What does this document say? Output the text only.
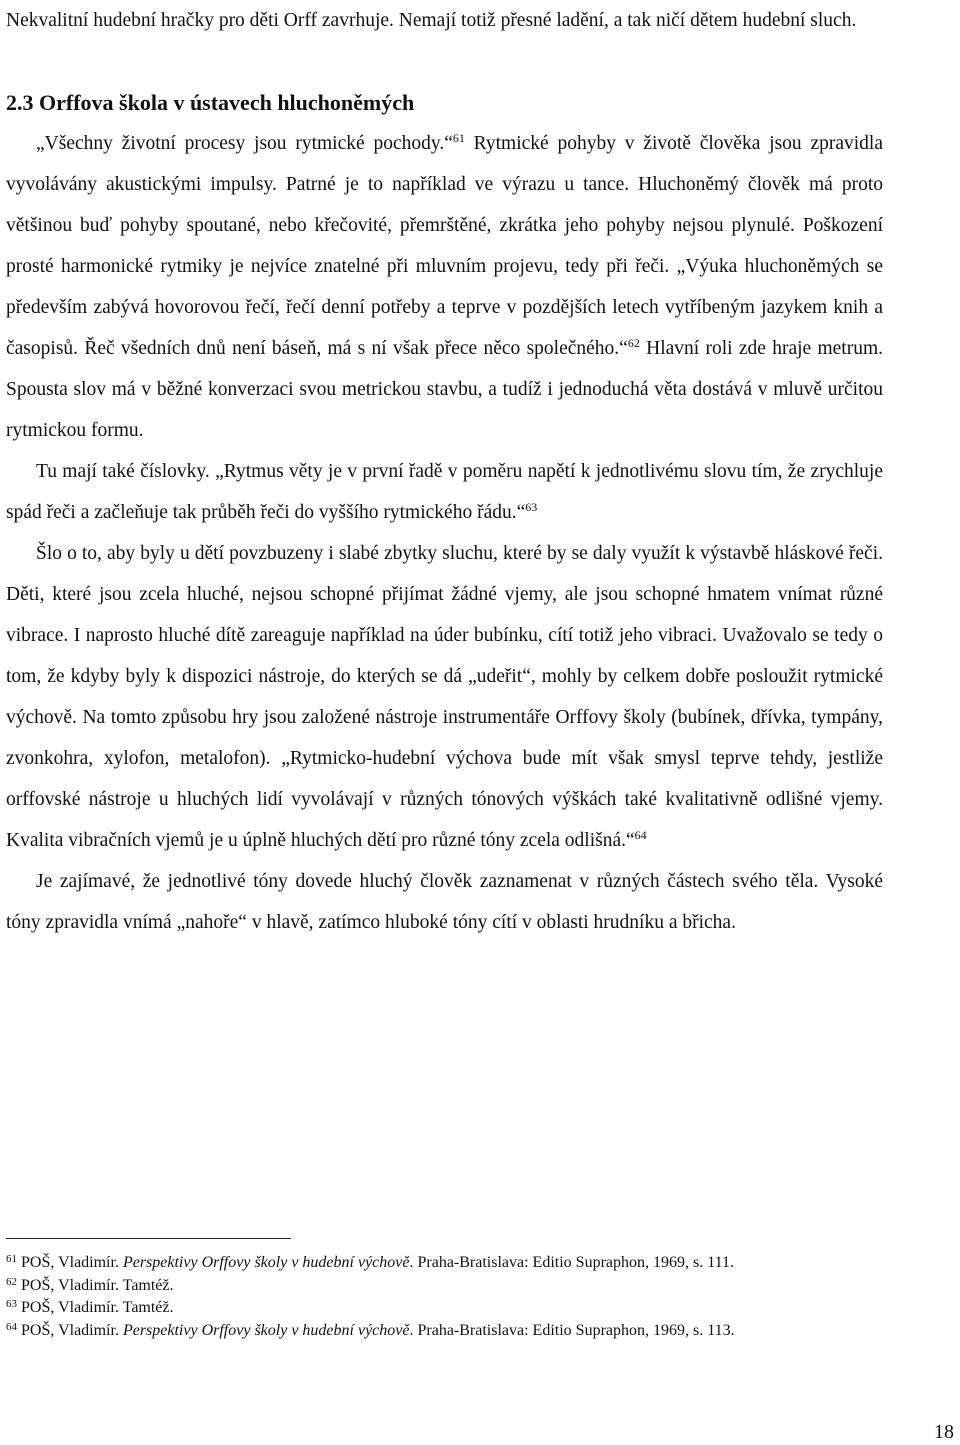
Nekvalitní hudební hračky pro děti Orff zavrhuje. Nemají totiž přesné ladění, a tak ničí dětem hudební sluch.

2.3 Orffova škola v ústavech hluchoněmých

„Všechny životní procesy jsou rytmické pochody.“$^{61}$ Rytmické pohyby v životě člověka jsou zpravidla vyvolávány akustickými impulsy. Patrné je to například ve výrazu u tance. Hluchoněmý člověk má proto většinou buď pohyby spoutané, nebo křečovité, přemrštěné, zkrátka jeho pohyby nejsou plynulé. Poškození prosté harmonické rytmiky je nejvíce znatelné při mluvním projevu, tedy při řeči. „Výuka hluchoněmých se především zabývá hovorovou řečí, řečí denní potřeby a teprve v pozdějších letech vytříbeným jazykem knih a časopisů. Řeč všedních dnů není báseň, má s ní však přece něco společného.“$^{62}$ Hlavní roli zde hraje metrum. Spousta slov má v běžné konverzaci svou metrickou stavbu, a tudíž i jednoduchá věta dostává v mluvě určitou rytmickou formu.

Tu mají také číslovky. „Rytmus věty je v první řadě v poměru napětí k jednotlivému slovu tím, že zrychluje spád řeči a začleňuje tak průběh řeči do vyššího rytmického řádu.“$^{63}$

Šlo o to, aby byly u dětí povzbuzeny i slabé zbytky sluchu, které by se daly využít k výstavbě hláskové řeči. Děti, které jsou zcela hluché, nejsou schopné přijímat žádné vjemy, ale jsou schopné hmatem vnímat různé vibrace. I naprosto hluché dítě zareaguje například na úder bubínku, cítí totiž jeho vibraci. Uvažovalo se tedy o tom, že kdyby byly k dispozici nástroje, do kterých se dá „udeřit“, mohly by celkem dobře posloužit rytmické výchově. Na tomto způsobu hry jsou založené nástroje instrumentáře Orffovy školy (bubínek, dřívka, tympány, zvonkohra, xylofon, metalofon). „Rytmicko-hudební výchova bude mít však smysl teprve tehdy, jestliže orffovské nástroje u hluchých lidí vyvolávají v různých tónových výškách také kvalitativně odlišné vjemy. Kvalita vibračních vjemů je u úplně hluchých dětí pro různé tóny zcela odlišná.“$^{64}$

Je zajímavé, že jednotlivé tóny dovede hluchý člověk zaznamenat v různých částech svého těla. Vysoké tóny zpravidla vnímá „nahoře“ v hlavě, zatímco hluboké tóny cítí v oblasti hrudníku a břicha.

$^{61}$ POŠ, Vladimír. Perspektivy Orffovy školy v hudební výchově. Praha-Bratislava: Editio Supraphon, 1969, s. 111.

$^{62}$ POŠ, Vladimír. Tamtéž.

$^{63}$ POŠ, Vladimír. Tamtéž.

$^{64}$ POŠ, Vladimír. Perspektivy Orffovy školy v hudební výchově. Praha-Bratislava: Editio Supraphon, 1969, s. 113.

18
